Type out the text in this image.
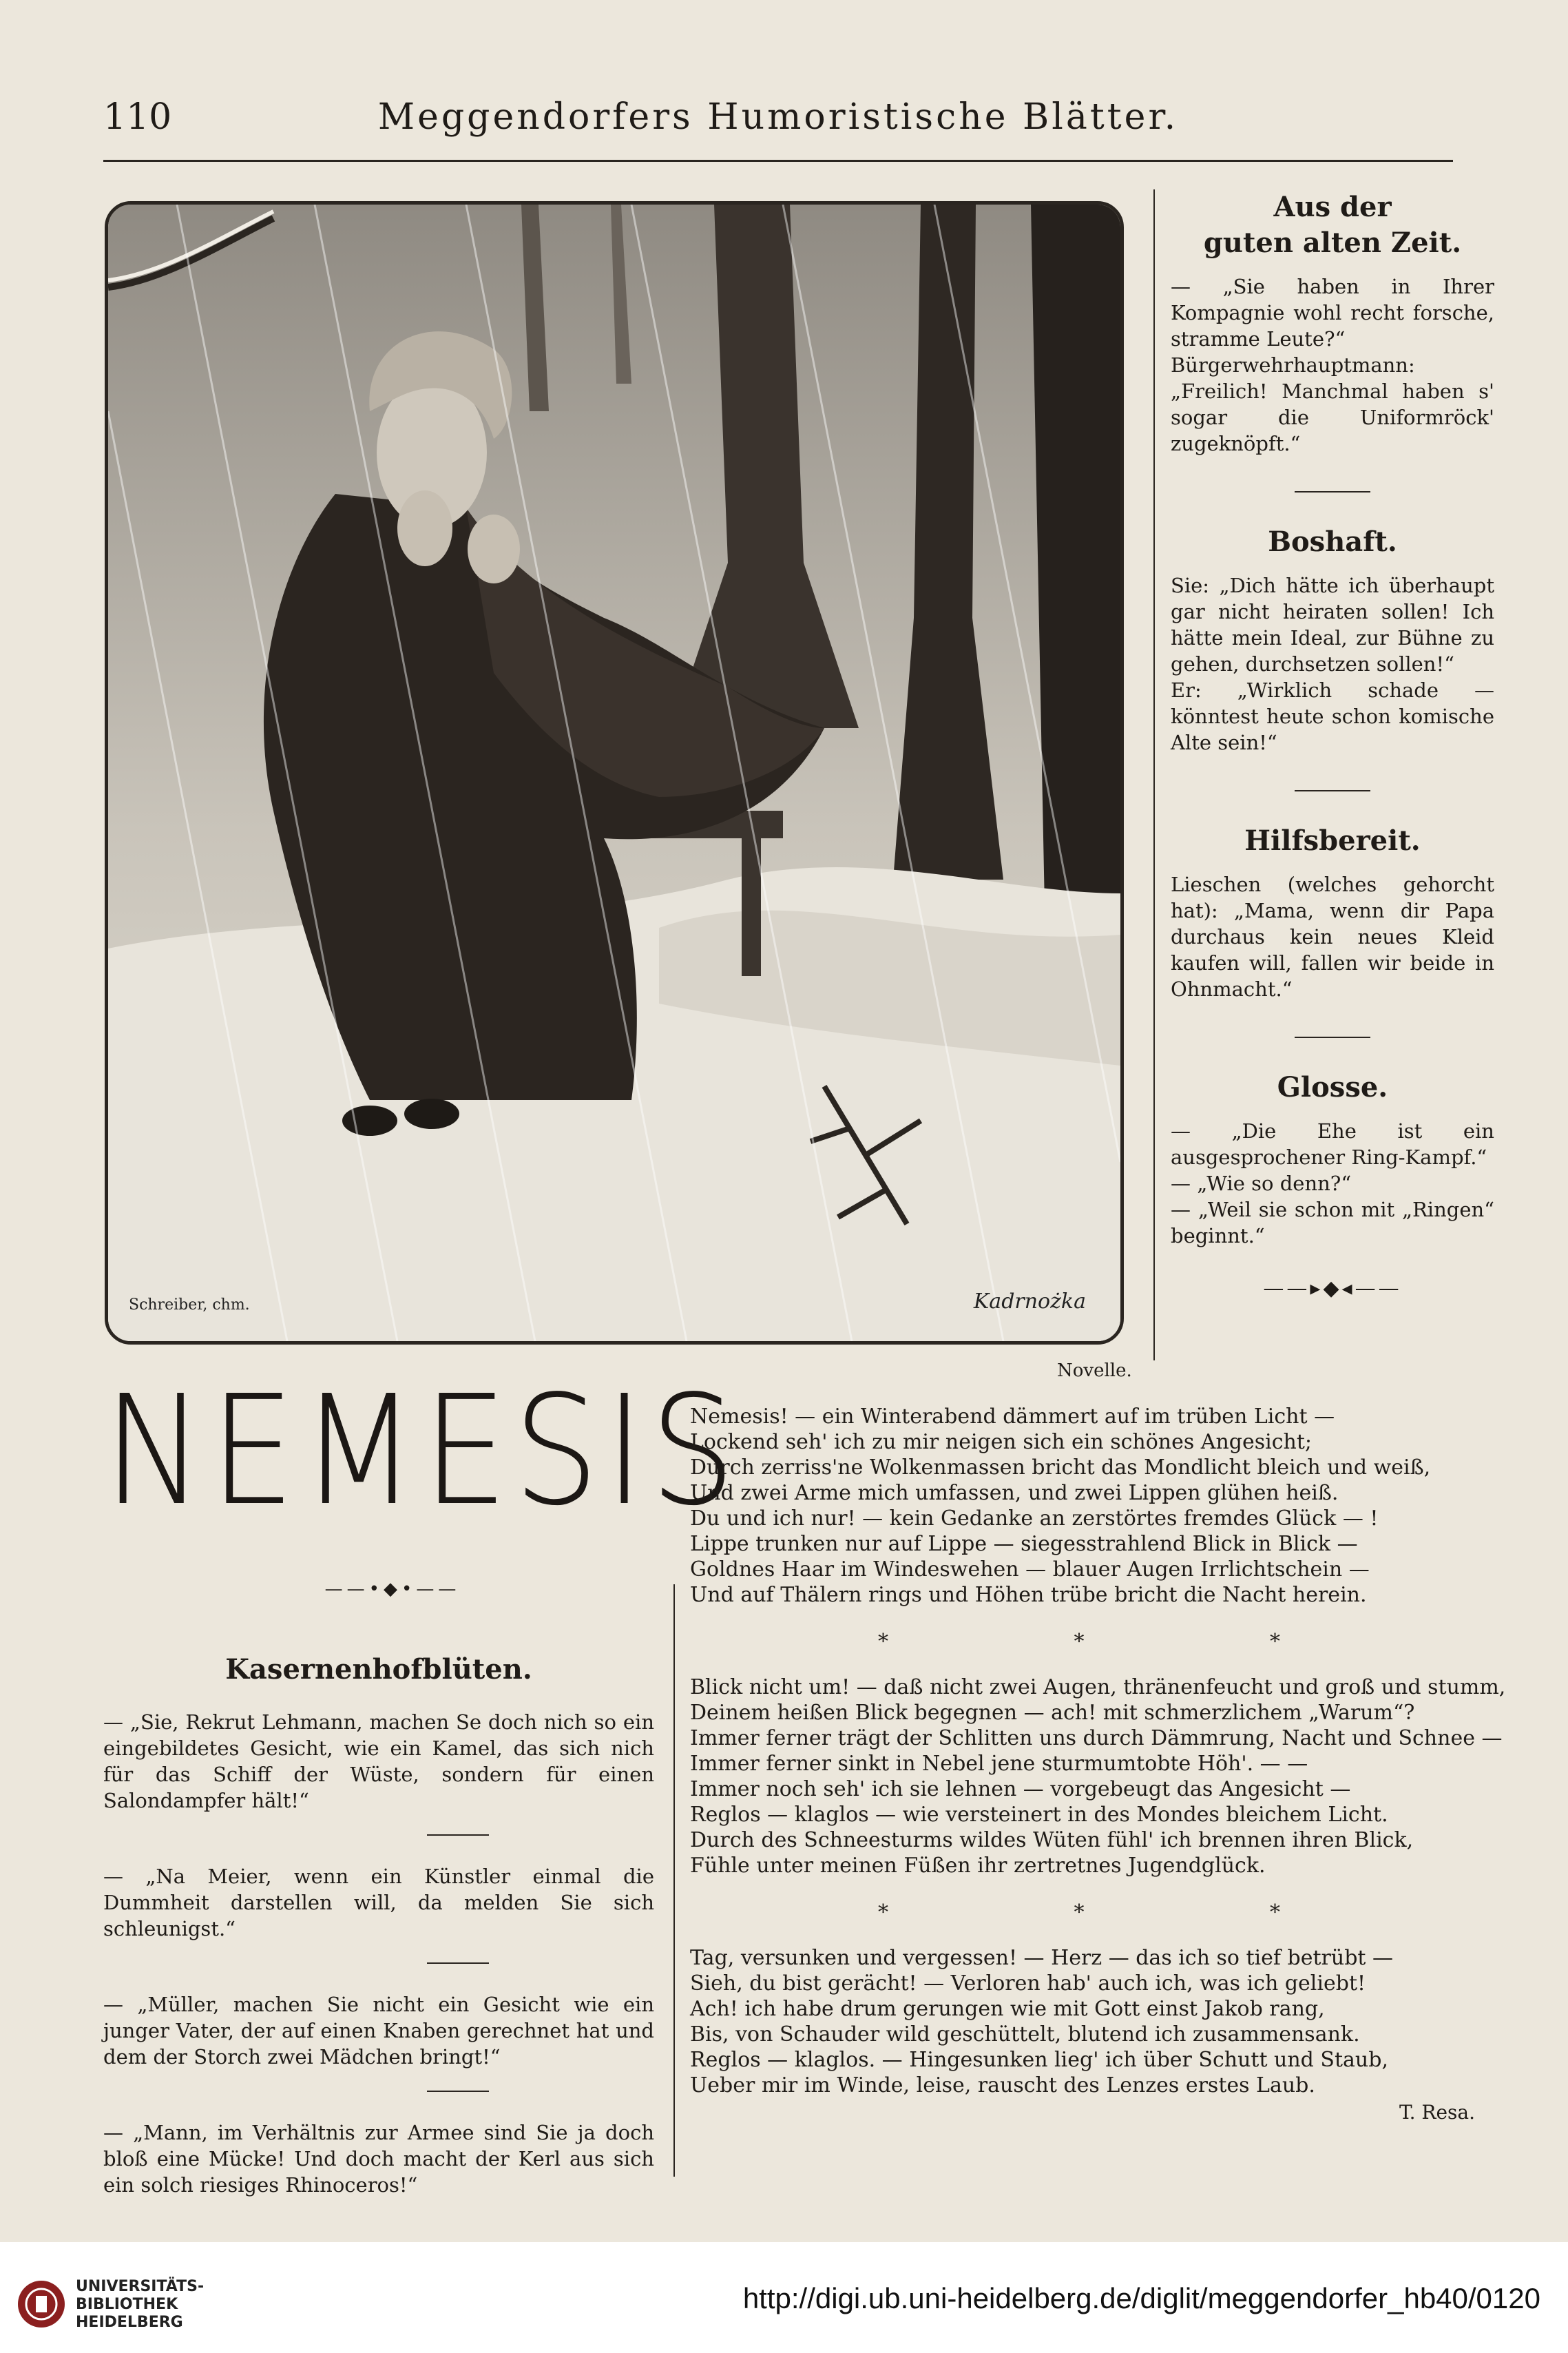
110	Meggendorfers Humoristische Blätter.
Schreiber, chm.	Kadrnożka
Aus der
guten alten Zeit.

— „Sie haben in Ihrer Kompagnie wohl recht forsche, stramme Leute?“

Bürgerwehrhauptmann: „Freilich! Manchmal haben s' sogar die Uniformröck' zugeknöpft.“

Boshaft.

Sie: „Dich hätte ich überhaupt gar nicht heiraten sollen! Ich hätte mein Ideal, zur Bühne zu gehen, durchsetzen sollen!“

Er: „Wirklich schade — könntest heute schon komische Alte sein!“

Hilfsbereit.

Lieschen (welches gehorcht hat): „Mama, wenn dir Papa durchaus kein neues Kleid kaufen will, fallen wir beide in Ohnmacht.“

Glosse.

— „Die Ehe ist ein ausgesprochener Ring-Kampf.“

— „Wie so denn?“

— „Weil sie schon mit „Ringen“ beginnt.“

——▸◆◂——
NEMESIS	Novelle.
——•◆•——
Kasernenhofblüten.

— „Sie, Rekrut Lehmann, machen Se doch nich so ein eingebildetes Gesicht, wie ein Kamel, das sich nich für das Schiff der Wüste, sondern für einen Salondampfer hält!“

— „Na Meier, wenn ein Künstler einmal die Dummheit darstellen will, da melden Sie sich schleunigst.“

— „Müller, machen Sie nicht ein Gesicht wie ein junger Vater, der auf einen Knaben gerechnet hat und dem der Storch zwei Mädchen bringt!“

— „Mann, im Verhältnis zur Armee sind Sie ja doch bloß eine Mücke! Und doch macht der Kerl aus sich ein solch riesiges Rhinoceros!“

Nemesis! — ein Winterabend dämmert auf im trüben Licht —
Lockend seh' ich zu mir neigen sich ein schönes Angesicht;
Durch zerriss'ne Wolkenmassen bricht das Mondlicht bleich und weiß,
Und zwei Arme mich umfassen, und zwei Lippen glühen heiß.
Du und ich nur! — kein Gedanke an zerstörtes fremdes Glück — !
Lippe trunken nur auf Lippe — siegesstrahlend Blick in Blick —
Goldnes Haar im Windeswehen — blauer Augen Irrlichtschein —
Und auf Thälern rings und Höhen trübe bricht die Nacht herein.
* * *
Blick nicht um! — daß nicht zwei Augen, thränenfeucht und groß und stumm,
Deinem heißen Blick begegnen — ach! mit schmerzlichem „Warum“?
Immer ferner trägt der Schlitten uns durch Dämmrung, Nacht und Schnee —
Immer ferner sinkt in Nebel jene sturmumtobte Höh'. — —
Immer noch seh' ich sie lehnen — vorgebeugt das Angesicht —
Reglos — klaglos — wie versteinert in des Mondes bleichem Licht.
Durch des Schneesturms wildes Wüten fühl' ich brennen ihren Blick,
Fühle unter meinen Füßen ihr zertretnes Jugendglück.
* * *
Tag, versunken und vergessen! — Herz — das ich so tief betrübt —
Sieh, du bist gerächt! — Verloren hab' auch ich, was ich geliebt!
Ach! ich habe drum gerungen wie mit Gott einst Jakob rang,
Bis, von Schauder wild geschüttelt, blutend ich zusammensank.
Reglos — klaglos. — Hingesunken lieg' ich über Schutt und Staub,
Ueber mir im Winde, leise, rauscht des Lenzes erstes Laub.
T. Resa.
UNIVERSITÄTS-
BIBLIOTHEK
HEIDELBERG
http://digi.ub.uni-heidelberg.de/diglit/meggendorfer_hb40/0120
